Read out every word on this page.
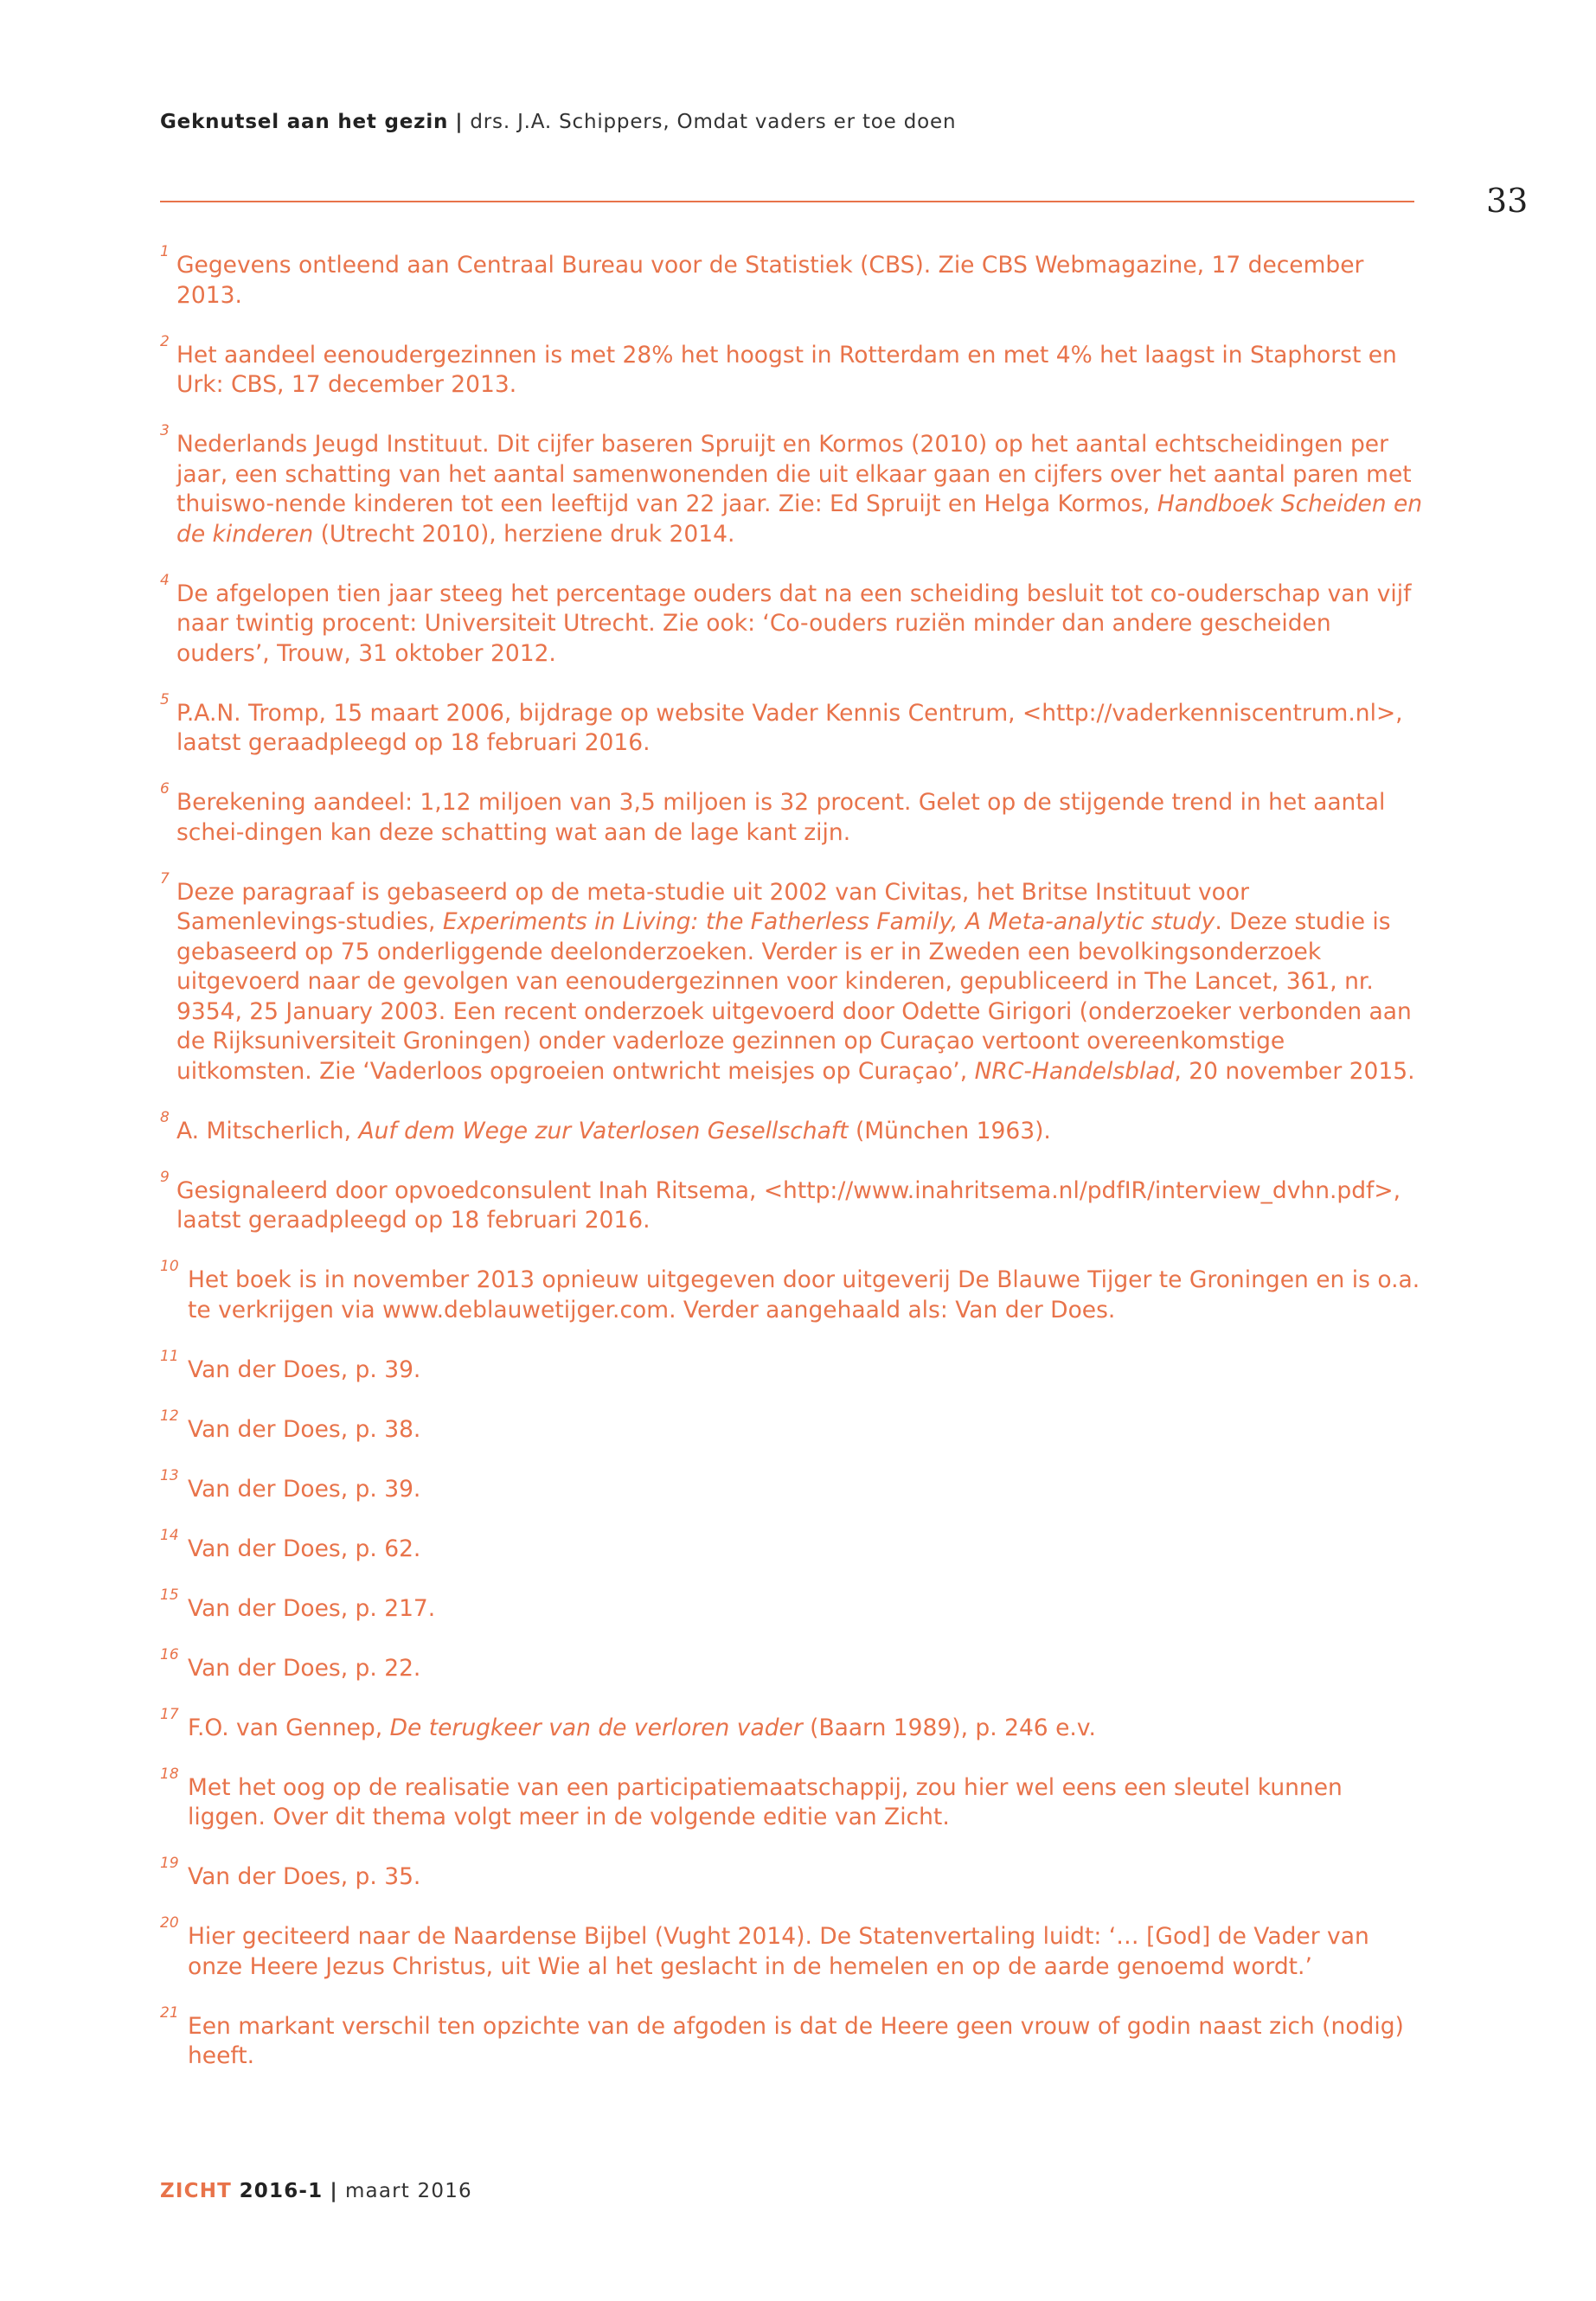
Geknutsel aan het gezin | drs. J.A. Schippers, Omdat vaders er toe doen
33
1 Gegevens ontleend aan Centraal Bureau voor de Statistiek (CBS). Zie CBS Webmagazine, 17 december 2013.
2 Het aandeel eenoudergezinnen is met 28% het hoogst in Rotterdam en met 4% het laagst in Staphorst en Urk: CBS, 17 december 2013.
3 Nederlands Jeugd Instituut. Dit cijfer baseren Spruijt en Kormos (2010) op het aantal echtscheidingen per jaar, een schatting van het aantal samenwonenden die uit elkaar gaan en cijfers over het aantal paren met thuiswo-nende kinderen tot een leeftijd van 22 jaar. Zie: Ed Spruijt en Helga Kormos, Handboek Scheiden en de kinderen (Utrecht 2010), herziene druk 2014.
4 De afgelopen tien jaar steeg het percentage ouders dat na een scheiding besluit tot co-ouderschap van vijf naar twintig procent: Universiteit Utrecht. Zie ook: ‘Co-ouders ruziën minder dan andere gescheiden ouders’, Trouw, 31 oktober 2012.
5 P.A.N. Tromp, 15 maart 2006, bijdrage op website Vader Kennis Centrum, <http://vaderkenniscentrum.nl>, laatst geraadpleegd op 18 februari 2016.
6 Berekening aandeel: 1,12 miljoen van 3,5 miljoen is 32 procent. Gelet op de stijgende trend in het aantal schei-dingen kan deze schatting wat aan de lage kant zijn.
7 Deze paragraaf is gebaseerd op de meta-studie uit 2002 van Civitas, het Britse Instituut voor Samenlevings-studies, Experiments in Living: the Fatherless Family, A Meta-analytic study. Deze studie is gebaseerd op 75 onderliggende deelonderzoeken. Verder is er in Zweden een bevolkingsonderzoek uitgevoerd naar de gevolgen van eenoudergezinnen voor kinderen, gepubliceerd in The Lancet, 361, nr. 9354, 25 January 2003. Een recent onderzoek uitgevoerd door Odette Girigori (onderzoeker verbonden aan de Rijksuniversiteit Groningen) onder vaderloze gezinnen op Curaçao vertoont overeenkomstige uitkomsten. Zie ‘Vaderloos opgroeien ontwricht meisjes op Curaçao’, NRC-Handelsblad, 20 november 2015.
8 A. Mitscherlich, Auf dem Wege zur Vaterlosen Gesellschaft (München 1963).
9 Gesignaleerd door opvoedconsulent Inah Ritsema, <http://www.inahritsema.nl/pdfIR/interview_dvhn.pdf>, laatst geraadpleegd op 18 februari 2016.
10 Het boek is in november 2013 opnieuw uitgegeven door uitgeverij De Blauwe Tijger te Groningen en is o.a. te verkrijgen via www.deblauwetijger.com. Verder aangehaald als: Van der Does.
11 Van der Does, p. 39.
12 Van der Does, p. 38.
13 Van der Does, p. 39.
14 Van der Does, p. 62.
15 Van der Does, p. 217.
16 Van der Does, p. 22.
17 F.O. van Gennep, De terugkeer van de verloren vader (Baarn 1989), p. 246 e.v.
18 Met het oog op de realisatie van een participatiemaatschappij, zou hier wel eens een sleutel kunnen liggen. Over dit thema volgt meer in de volgende editie van Zicht.
19 Van der Does, p. 35.
20 Hier geciteerd naar de Naardense Bijbel (Vught 2014). De Statenvertaling luidt: ‘… [God] de Vader van onze Heere Jezus Christus, uit Wie al het geslacht in de hemelen en op de aarde genoemd wordt.’
21 Een markant verschil ten opzichte van de afgoden is dat de Heere geen vrouw of godin naast zich (nodig) heeft.
ZICHT 2016-1 | maart 2016
